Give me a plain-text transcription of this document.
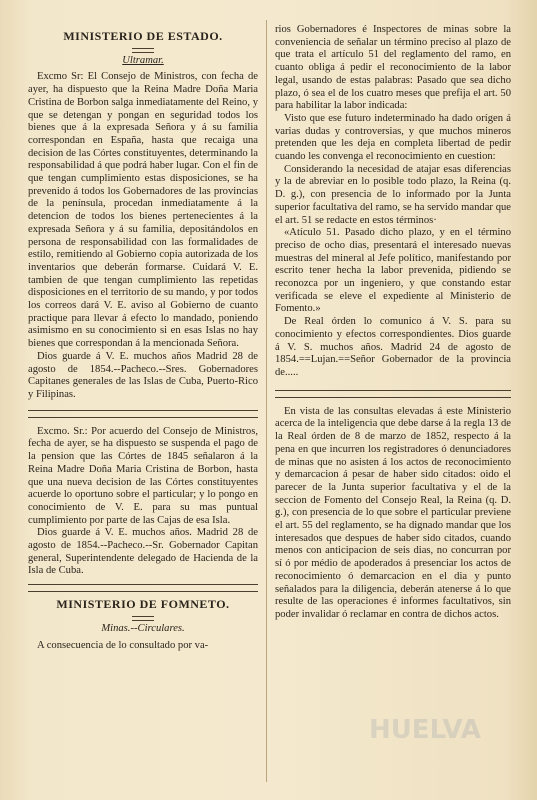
MINISTERIO DE ESTADO.
Ultramar.

Excmo Sr: El Consejo de Ministros, con fecha de ayer, ha dispuesto que la Reina Madre Doña Maria Cristina de Borbon salga inmediatamente del Reino, y que se detengan y pongan en seguridad todos los bienes que á la expresada Señora y á su familia correspondan en España, hasta que recaiga una decision de las Córtes constituyentes, determinando la responsabilidad á que podrá haber lugar. Con el fin de que tengan cumplimiento estas disposiciones, se ha prevenido á todos los Gobernadores de las provincias de la península, procedan inmediatamente á la detencion de todos los bienes pertenecientes á la expresada Señora y á su familia, depositándolos en persona de responsabilidad con las formalidades de estilo, remitiendo al Gobierno copia autorizada de los inventarios que deberán formarse. Cuidará V. E. tambien de que tengan cumplimiento las repetidas disposiciones en el territorio de su mando, y por todos los correos dará V. E. aviso al Gobierno de cuanto practique para llevar á efecto lo mandado, poniendo asimismo en su conocimiento si en esas Islas no hay bienes que correspondan á la mencionada Señora.

Dios guarde á V. E. muchos años Madrid 28 de agosto de 1854.--Pacheco.--Sres. Gobernadores Capitanes generales de las Islas de Cuba, Puerto-Rico y Filipinas.

Excmo. Sr.: Por acuerdo del Consejo de Ministros, fecha de ayer, se ha dispuesto se suspenda el pago de la pension que las Córtes de 1845 señalaron á la Reina Madre Doña Maria Cristina de Borbon, hasta que una nueva decision de las Córtes constituyentes acuerde lo oportuno sobre el particular; y lo pongo en conocimiento de V. E. para su mas puntual cumplimiento por parte de las Cajas de esa Isla.

Dios guarde á V. E. muchos años. Madrid 28 de agosto de 1854.--Pacheco.--Sr. Gobernador Capitan general, Superintendente delegado de Hacienda de la Isla de Cuba.

MINISTERIO DE FOMNETO.
Minas.--Circulares.

A consecuencia de lo consultado por va-

rios Gobernadores é Inspectores de minas sobre la conveniencia de señalar un término preciso al plazo de que trata el artículo 51 del reglamento del ramo, en cuanto obliga á pedir el reconocimiento de la labor legal, usando de estas palabras: Pasado que sea dicho plazo, ó sea el de los cuatro meses que prefija el art. 50 para habilitar la labor indicada:

Visto que ese futuro indeterminado ha dado orígen á varias dudas y controversias, y que muchos mineros pretenden que les deja en completa libertad de pedir cuando les convenga el reconocimiento en cuestion:

Considerando la necesidad de atajar esas diferencias y la de abreviar en lo posible todo plazo, la Reina (q. D. g.), con presencia de lo informado por la Junta superior facultativa del ramo, se ha servido mandar que el art. 51 se redacte en estos términos·

«Atículo 51. Pasado dicho plazo, y en el término preciso de ocho dias, presentará el interesado nuevas muestras del mineral al Jefe político, manifestando por escrito tener hecha la labor prevenida, pidiendo se reconozca por un ingeniero, y que constando estar verificada se eleve el expediente al Ministerio de Fomento.»

De Real órden lo comunico á V. S. para su conocimiento y efectos correspondientes. Dios guarde á V. S. muchos años. Madrid 24 de agosto de 1854.==Lujan.==Señor Gobernador de la provincia de.....

En vista de las consultas elevadas á este Ministerio acerca de la inteligencia que debe darse á la regla 13 de la Real órden de 8 de marzo de 1852, respecto á la pena en que incurren los registradores ó denunciadores de minas que no asisten á los actos de reconocimiento y demarcacion á pesar de haber sido citados: oido el parecer de la Junta superior facultativa y el de la seccion de Fomento del Consejo Real, la Reina (q. D. g.), con presencia de lo que sobre el particular previene el art. 55 del reglamento, se ha dignado mandar que los interesados que despues de haber sido citados, cuando menos con anticipacion de seis dias, no concurran por sí ó por médio de apoderados á presenciar los actos de reconocimiento ó demarcacion en el dia y punto señalados para la diligencia, deberán atenerse á lo que resulte de las operaciones é informes facultativos, sin poder invalidar ó reclamar en contra de dichos actos.

HUELVA
